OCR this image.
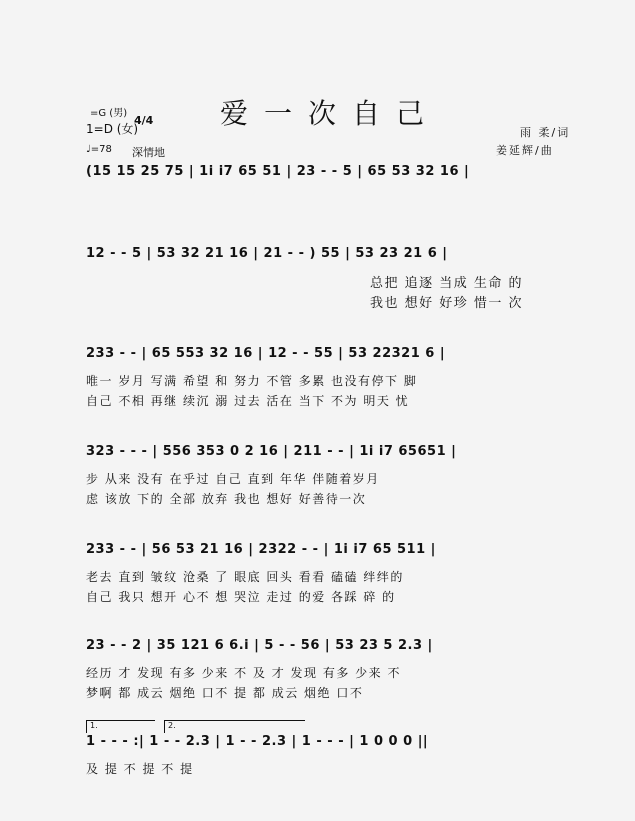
爱一次自己
=G (男)
1=D (女)
4/4
♩=78 深情地
雨 柔/词
姜延辉/曲
(15 15 25 75 | 1i i7 65 51 | 23 - - 5 | 65 53 32 16 |
12 - - 5 | 53 32 21 16 | 21 - - ) 55 | 53 23 21 6 |
总把 追逐 当成 生命 的
我也 想好 好珍 惜一 次
233 - - | 65 553 32 16 | 12 - - 55 | 53 22321 6 |
唯一 岁月 写满 希望 和 努力 不管 多累 也没有停下 脚
自己 不相 再继 续沉 溺 过去 活在 当下 不为 明天 忧
323 - - - | 556 353 0 2 16 | 211 - - | 1i i7 65651 |
步 从来 没有 在乎过 自己 直到 年华 伴随着岁月
虑 该放 下的 全部 放弃 我也 想好 好善待一次
233 - - | 56 53 21 16 | 2322 - - | 1i i7 65 511 |
老去 直到 皱纹 沧桑 了 眼底 回头 看看 磕磕 绊绊的
自己 我只 想开 心不 想 哭泣 走过 的爱 各踩 碎 的
23 - - 2 | 35 121 6 6.i | 5 - - 56 | 53 23 5 2.3 |
经历 才 发现 有多 少来 不 及 才 发现 有多 少来 不
梦啊 都 成云 烟绝 口不 提 都 成云 烟绝 口不
1.	2.
1 - - - :| 1 - - 2.3 | 1 - - 2.3 | 1 - - - | 1 0 0 0 ||
及 提 不 提 不 提
